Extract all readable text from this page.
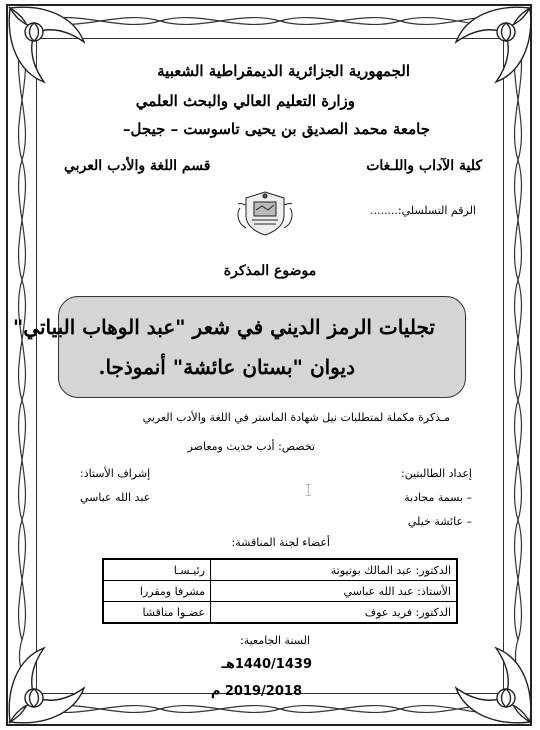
الجمهورية الجزائرية الديمقراطية الشعبية
وزارة التعليم العالي والبحث العلمي
جامعة محمد الصديق بن يحيى تاسوست – جيجل–
كلية الآداب واللـغات
قسم اللغة والأدب العربي
الرقم التسلسلي:........
موضوع المذكرة
تجليات الرمز الديني في شعر "عبد الوهاب البياتي"
ديوان "بستان عائشة" أنموذجا.
مـذكرة مكملة لمتطلبات نيل شهادة الماستر في اللغة والأدب العربي
تخصص: أدب حديث ومعاصر
إعداد الطالبتين:
– بسمة مجادبة
– عائشة خيلي
إشراف الأستاذ:
عبد الله عباسي
أعضاء لجنة المناقشة:
الدكتور: عبد المالك بوتيوتة	رئيـسـا
الأستاذ: عبد الله عباسي	مشرفا ومقررا
الدكتور: فريد عوف	عضـوا مناقشا
السنة الجامعية:
1440/1439هـ
2019/2018 م
